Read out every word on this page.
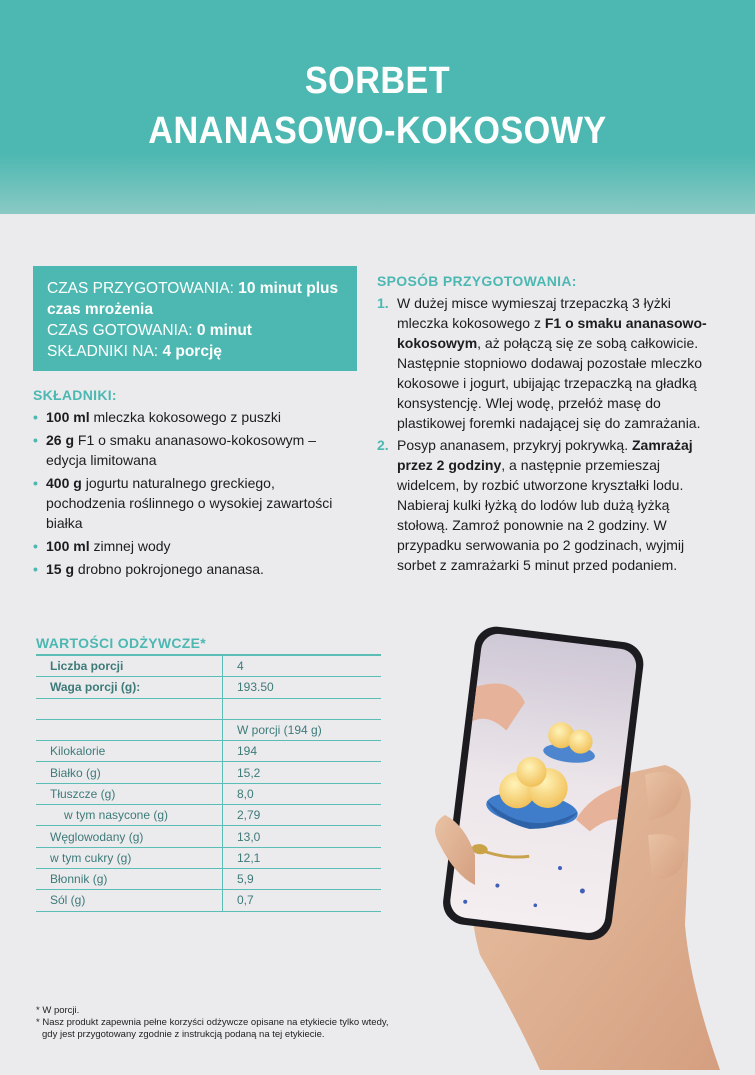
SORBET
ANANASOWO-KOKOSOWY
CZAS PRZYGOTOWANIA: 10 minut plus czas mrożenia
CZAS GOTOWANIA: 0 minut
SKŁADNIKI NA: 4 porcję
SKŁADNIKI:
• 100 ml mleczka kokosowego z puszki
• 26 g F1 o smaku ananasowo-kokosowym – edycja limitowana
• 400 g jogurtu naturalnego greckiego, pochodzenia roślinnego o wysokiej zawartości białka
• 100 ml zimnej wody
• 15 g drobno pokrojonego ananasa.
SPOSÓB PRZYGOTOWANIA:
1. W dużej misce wymieszaj trzepaczką 3 łyżki mleczka kokosowego z F1 o smaku ananasowo-kokosowym, aż połączą się ze sobą całkowicie. Następnie stopniowo dodawaj pozostałe mleczko kokosowe i jogurt, ubijając trzepaczką na gładką konsystencję. Wlej wodę, przełóż masę do plastikowej foremki nadającej się do zamrażania.
2. Posyp ananasem, przykryj pokrywką. Zamrażaj przez 2 godziny, a następnie przemieszaj widelcem, by rozbić utworzone kryształki lodu. Nabieraj kulki łyżką do lodów lub dużą łyżką stołową. Zamroź ponownie na 2 godziny. W przypadku serwowania po 2 godzinach, wyjmij sorbet z zamrażarki 5 minut przed podaniem.
WARTOŚCI ODŻYWCZE*
Liczba porcji	4
Waga porcji (g):	193.50

	W porcji (194 g)
Kilokalorie	194
Białko (g)	15,2
Tłuszcze (g)	8,0
w tym nasycone (g)	2,79
Węglowodany (g)	13,0
w tym cukry (g)	12,1
Błonnik (g)	5,9
Sól (g)	0,7
* W porcji.
* Nasz produkt zapewnia pełne korzyści odżywcze opisane na etykiecie tylko wtedy, gdy jest przygotowany zgodnie z instrukcją podaną na tej etykiecie.
